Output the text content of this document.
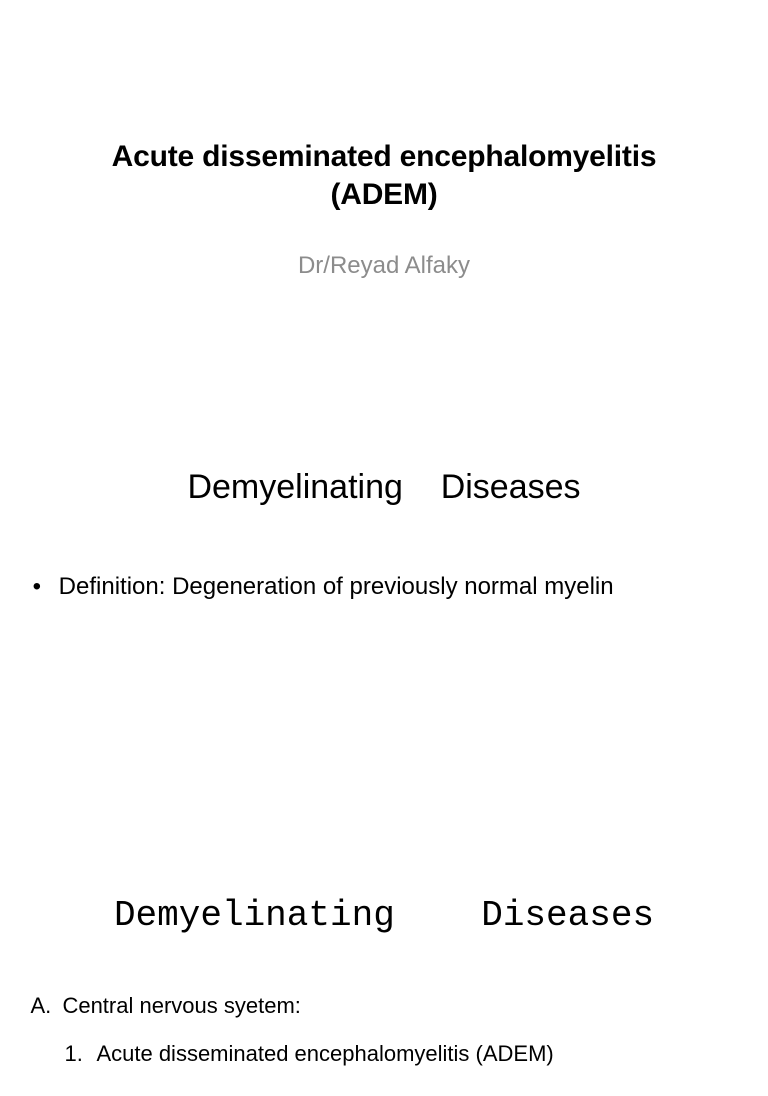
Acute disseminated encephalomyelitis
(ADEM)
Dr/Reyad Alfaky
Demyelinating    Diseases

• Definition: Degeneration of previously normal myelin

Demyelinating    Diseases

A. Central nervous syetem:

1. Acute disseminated encephalomyelitis (ADEM)
